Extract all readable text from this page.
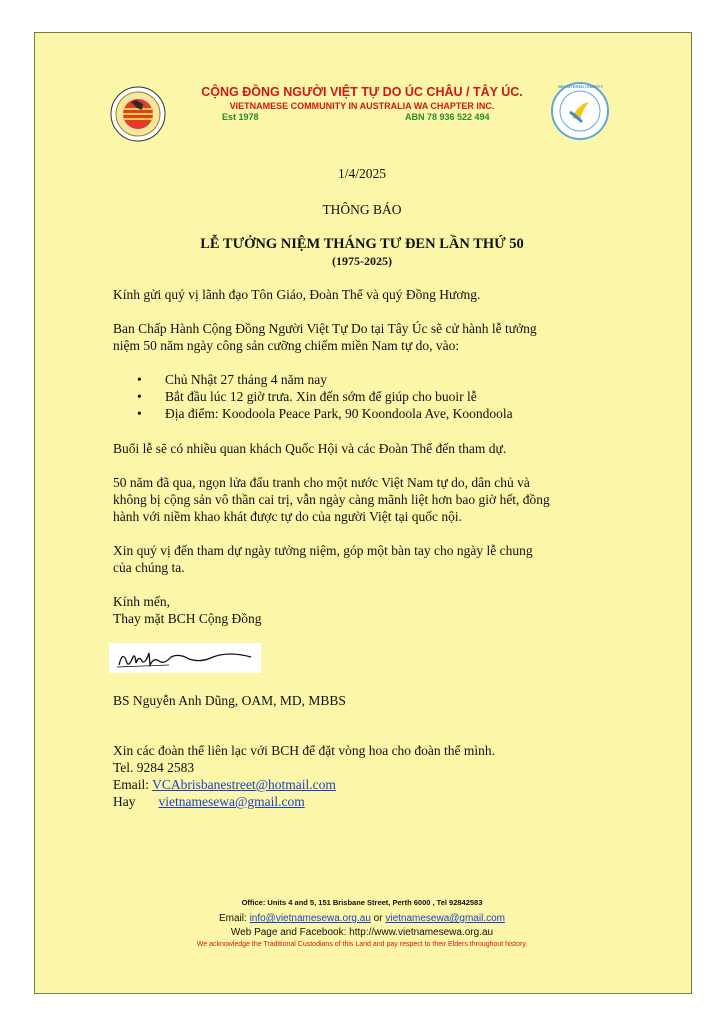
CỘNG ĐỒNG NGƯỜI VIỆT TỰ DO ÚC CHÂU / TÂY ÚC.
VIETNAMESE COMMUNITY IN AUSTRALIA WA CHAPTER INC.
Est 1978	ABN 78 936 522 494
REGISTERED CHARITY
1/4/2025
THÔNG BÁO
LỄ TƯỞNG NIỆM THÁNG TƯ ĐEN LẦN THỨ 50
(1975-2025)
Kính gửi quý vị lãnh đạo Tôn Giáo, Đoàn Thể và quý Đồng Hương.
Ban Chấp Hành Cộng Đồng Người Việt Tự Do tại Tây Úc sẽ cử hành lễ tưởng
niệm 50 năm ngày công sản cưỡng chiếm miền Nam tự do, vào:
• Chủ Nhật 27 tháng 4 năm nay
• Bắt đầu lúc 12 giờ trưa. Xin đến sớm để giúp cho buoir lễ
• Địa điểm: Koodoola Peace Park, 90 Koondoola Ave, Koondoola
Buổi lễ sẽ có nhiều quan khách Quốc Hội và các Đoàn Thể đến tham dự.
50 năm đã qua, ngọn lửa đấu tranh cho một nước Việt Nam tự do, dân chủ và
không bị cộng sản vô thần cai trị, vẫn ngày càng mãnh liệt hơn bao giờ hết, đồng
hành với niềm khao khát được tự do của người Việt tại quốc nội.
Xin quý vị đến tham dự ngày tưởng niệm, góp một bàn tay cho ngày lễ chung
của chúng ta.
Kính mến,
Thay mặt BCH Cộng Đồng
BS Nguyễn Anh Dũng, OAM, MD, MBBS
Xin các đoàn thể liên lạc với BCH để đặt vòng hoa cho đoàn thể mình.
Tel. 9284 2583
Email: VCAbrisbanestreet@hotmail.com
Hay vietnamesewa@gmail.com
Office: Units 4 and 5, 151 Brisbane Street, Perth 6000 , Tel 92842583
Email: info@vietnamesewa.org.au or vietnamesewa@gmail.com
Web Page and Facebook: http://www.vietnamesewa.org.au
We acknowledge the Traditional Custodians of this Land and pay respect to their Elders throughout history.
